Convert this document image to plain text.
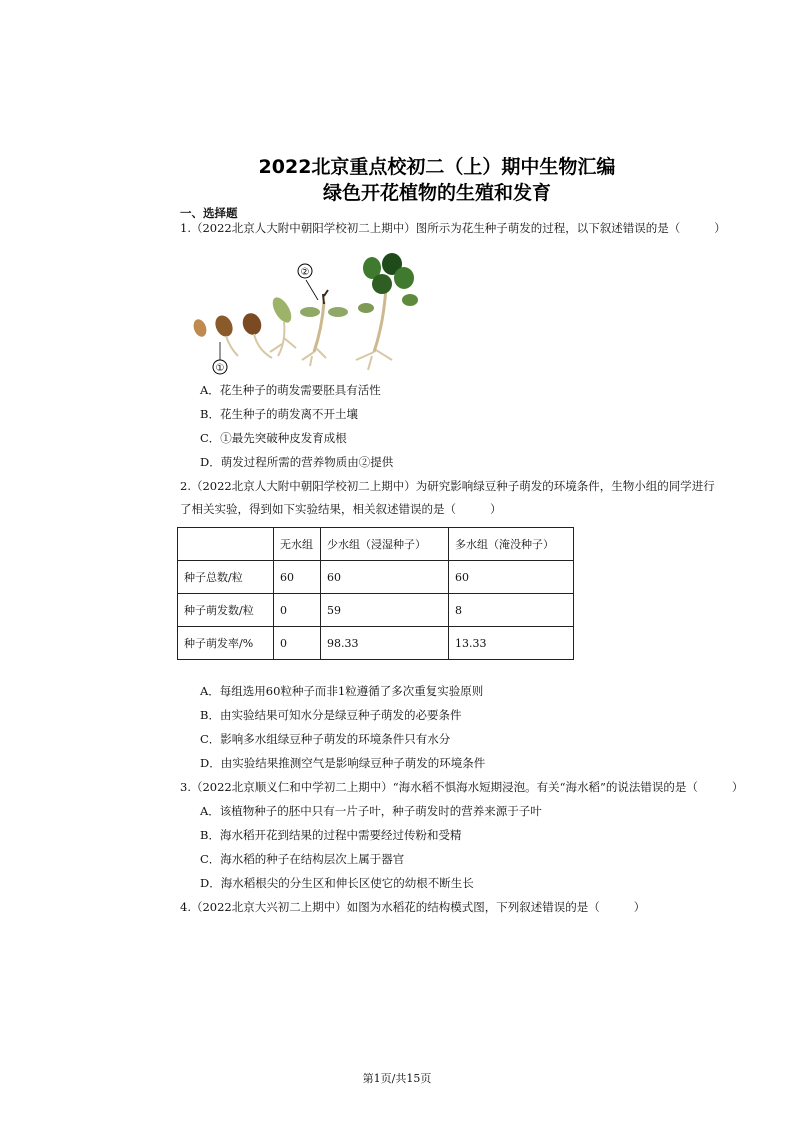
2022北京重点校初二（上）期中生物汇编
绿色开花植物的生殖和发育
一、选择题
1.（2022北京人大附中朝阳学校初二上期中）图所示为花生种子萌发的过程，以下叙述错误的是（	）
②
①
A．花生种子的萌发需要胚具有活性
B．花生种子的萌发离不开土壤
C．①最先突破种皮发育成根
D．萌发过程所需的营养物质由②提供
2.（2022北京人大附中朝阳学校初二上期中）为研究影响绿豆种子萌发的环境条件，生物小组的同学进行
了相关实验，得到如下实验结果，相关叙述错误的是（	）
	无水组	少水组（浸湿种子）	多水组（淹没种子）
种子总数/粒	60	60	60
种子萌发数/粒	0	59	8
种子萌发率/%	0	98.33	13.33
A．每组选用60粒种子而非1粒遵循了多次重复实验原则
B．由实验结果可知水分是绿豆种子萌发的必要条件
C．影响多水组绿豆种子萌发的环境条件只有水分
D．由实验结果推测空气是影响绿豆种子萌发的环境条件
3.（2022北京顺义仁和中学初二上期中）“海水稻不惧海水短期浸泡。有关“海水稻”的说法错误的是（	）
A．该植物种子的胚中只有一片子叶，种子萌发时的营养来源于子叶
B．海水稻开花到结果的过程中需要经过传粉和受精
C．海水稻的种子在结构层次上属于器官
D．海水稻根尖的分生区和伸长区使它的幼根不断生长
4.（2022北京大兴初二上期中）如图为水稻花的结构模式图，下列叙述错误的是（	）
第1页/共15页
